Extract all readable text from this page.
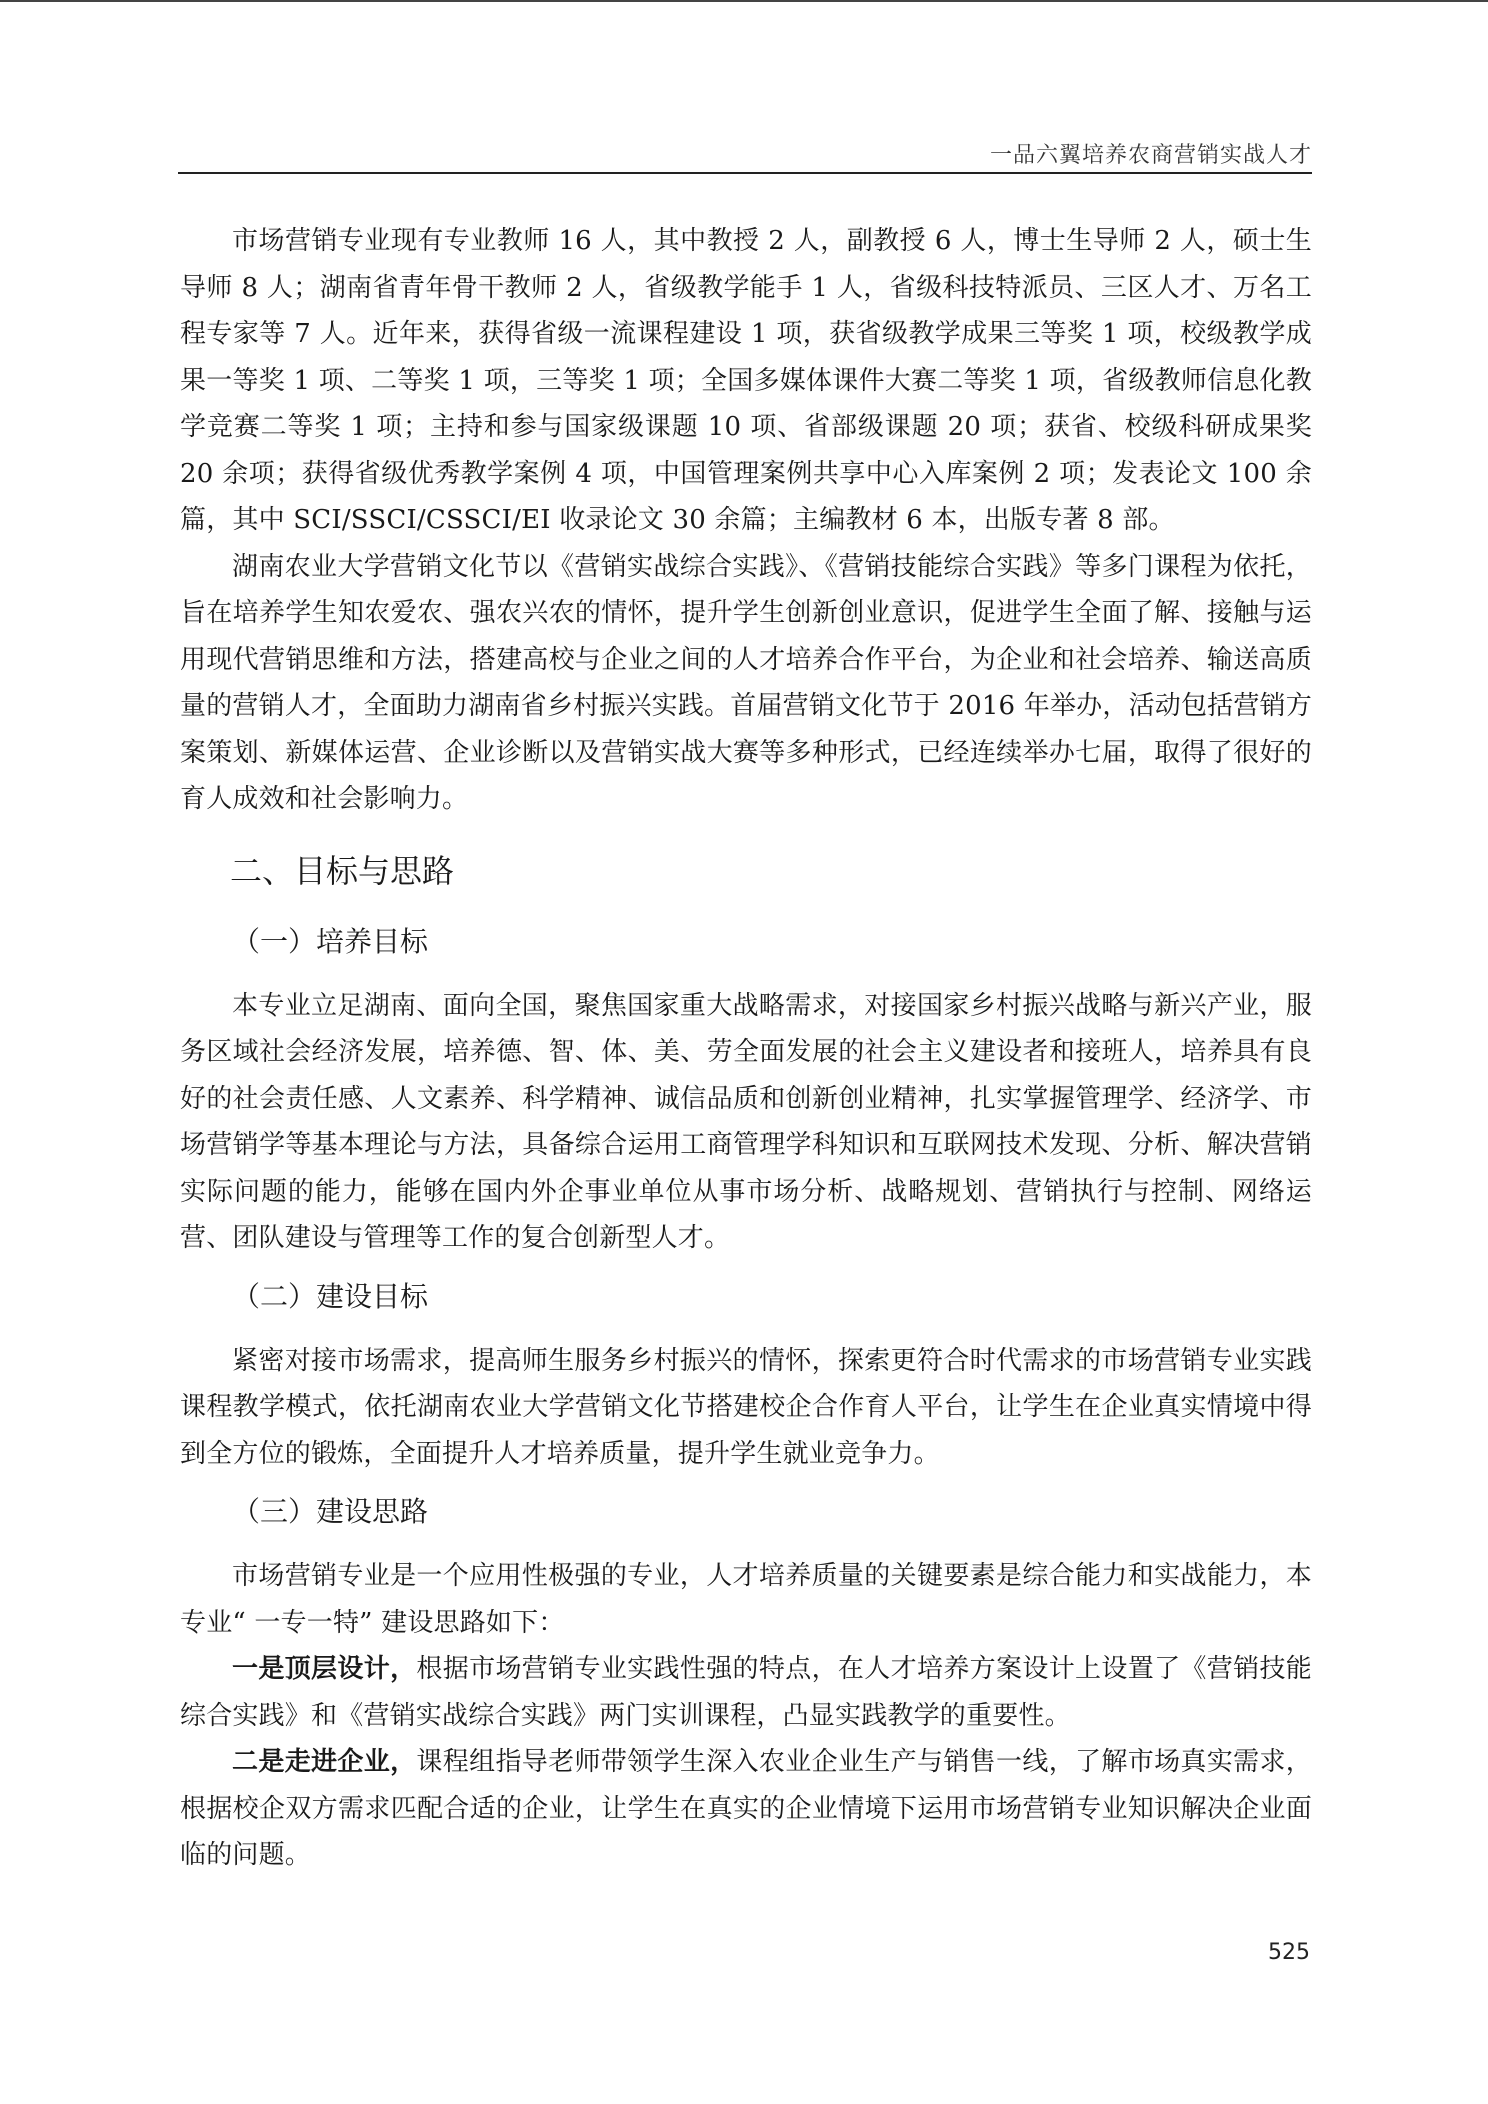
一品六翼培养农商营销实战人才

市场营销专业现有专业教师 16 人，其中教授 2 人，副教授 6 人，博士生导师 2 人，硕士生导师 8 人；湖南省青年骨干教师 2 人，省级教学能手 1 人，省级科技特派员、三区人才、万名工程专家等 7 人。近年来，获得省级一流课程建设 1 项，获省级教学成果三等奖 1 项，校级教学成果一等奖 1 项、二等奖 1 项，三等奖 1 项；全国多媒体课件大赛二等奖 1 项，省级教师信息化教学竞赛二等奖 1 项；主持和参与国家级课题 10 项、省部级课题 20 项；获省、校级科研成果奖 20 余项；获得省级优秀教学案例 4 项，中国管理案例共享中心入库案例 2 项；发表论文 100 余篇，其中 SCI/SSCI/CSSCI/EI 收录论文 30 余篇；主编教材 6 本，出版专著 8 部。

湖南农业大学营销文化节以《营销实战综合实践》、《营销技能综合实践》等多门课程为依托，旨在培养学生知农爱农、强农兴农的情怀，提升学生创新创业意识，促进学生全面了解、接触与运用现代营销思维和方法，搭建高校与企业之间的人才培养合作平台，为企业和社会培养、输送高质量的营销人才，全面助力湖南省乡村振兴实践。首届营销文化节于 2016 年举办，活动包括营销方案策划、新媒体运营、企业诊断以及营销实战大赛等多种形式，已经连续举办七届，取得了很好的育人成效和社会影响力。

二、目标与思路
（一）培养目标

本专业立足湖南、面向全国，聚焦国家重大战略需求，对接国家乡村振兴战略与新兴产业，服务区域社会经济发展，培养德、智、体、美、劳全面发展的社会主义建设者和接班人，培养具有良好的社会责任感、人文素养、科学精神、诚信品质和创新创业精神，扎实掌握管理学、经济学、市场营销学等基本理论与方法，具备综合运用工商管理学科知识和互联网技术发现、分析、解决营销实际问题的能力，能够在国内外企事业单位从事市场分析、战略规划、营销执行与控制、网络运营、团队建设与管理等工作的复合创新型人才。

（二）建设目标

紧密对接市场需求，提高师生服务乡村振兴的情怀，探索更符合时代需求的市场营销专业实践课程教学模式，依托湖南农业大学营销文化节搭建校企合作育人平台，让学生在企业真实情境中得到全方位的锻炼，全面提升人才培养质量，提升学生就业竞争力。

（三）建设思路

市场营销专业是一个应用性极强的专业，人才培养质量的关键要素是综合能力和实战能力，本专业“ 一专一特” 建设思路如下：

一是顶层设计，根据市场营销专业实践性强的特点，在人才培养方案设计上设置了《营销技能综合实践》和《营销实战综合实践》两门实训课程，凸显实践教学的重要性。

二是走进企业，课程组指导老师带领学生深入农业企业生产与销售一线，了解市场真实需求，根据校企双方需求匹配合适的企业，让学生在真实的企业情境下运用市场营销专业知识解决企业面临的问题。

525
